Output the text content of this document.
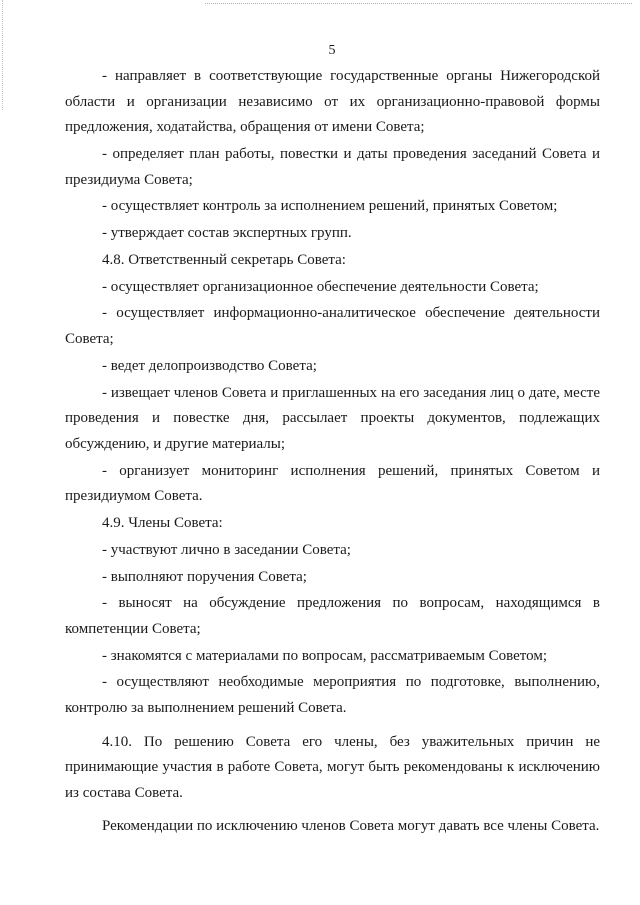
5

- направляет в соответствующие государственные органы Нижегородской области и организации независимо от их организационно-правовой формы предложения, ходатайства, обращения от имени Совета;

- определяет план работы, повестки и даты проведения заседаний Совета и президиума Совета;

- осуществляет контроль за исполнением решений, принятых Советом;

- утверждает состав экспертных групп.

4.8. Ответственный секретарь Совета:

- осуществляет организационное обеспечение деятельности Совета;

- осуществляет информационно-аналитическое обеспечение деятельности Совета;

- ведет делопроизводство Совета;

- извещает членов Совета и приглашенных на его заседания лиц о дате, месте проведения и повестке дня, рассылает проекты документов, подлежащих обсуждению, и другие материалы;

- организует мониторинг исполнения решений, принятых Советом и президиумом Совета.

4.9. Члены Совета:

- участвуют лично в заседании Совета;

- выполняют поручения Совета;

- выносят на обсуждение предложения по вопросам, находящимся в компетенции Совета;

- знакомятся с материалами по вопросам, рассматриваемым Советом;

- осуществляют необходимые мероприятия по подготовке, выполнению, контролю за выполнением решений Совета.

4.10. По решению Совета его члены, без уважительных причин не принимающие участия в работе Совета, могут быть рекомендованы к исключению из состава Совета.

Рекомендации по исключению членов Совета могут давать все члены Совета.
